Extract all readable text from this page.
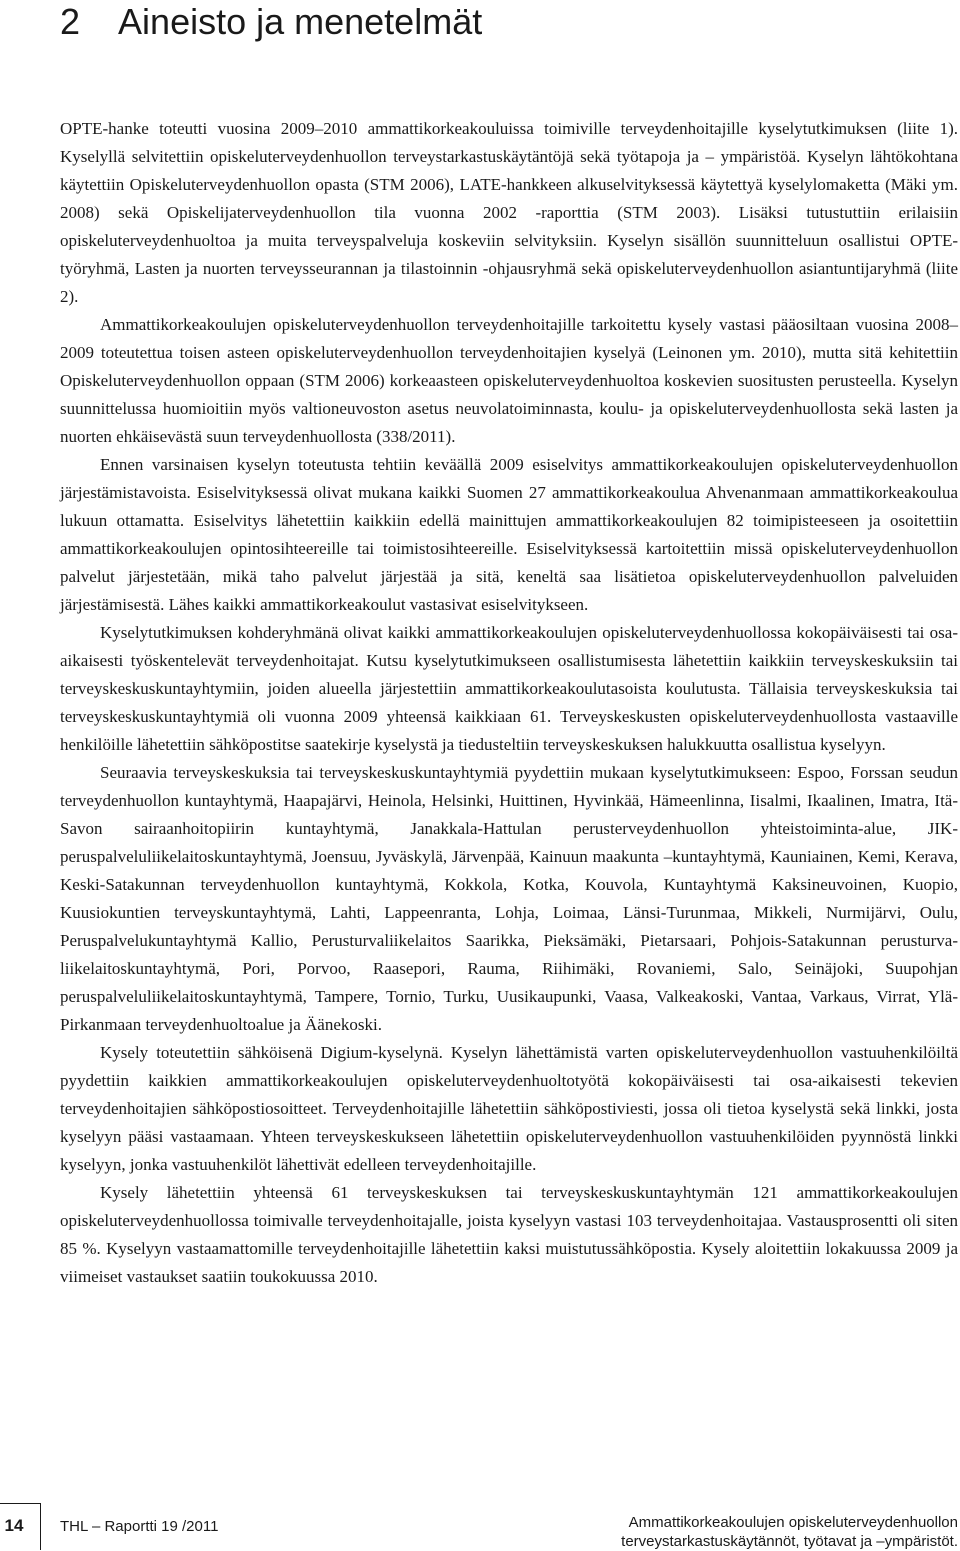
2 Aineisto ja menetelmät

OPTE-hanke toteutti vuosina 2009–2010 ammattikorkeakouluissa toimiville terveydenhoitajille kyselytutkimuksen (liite 1). Kyselyllä selvitettiin opiskeluterveydenhuollon terveystarkastuskäytäntöjä sekä työtapoja ja – ympäristöä. Kyselyn lähtökohtana käytettiin Opiskeluterveydenhuollon opasta (STM 2006), LATE-hankkeen alkuselvityksessä käytettyä kyselylomaketta (Mäki ym. 2008) sekä Opiskelijaterveydenhuollon tila vuonna 2002 -raporttia (STM 2003). Lisäksi tutustuttiin erilaisiin opiskeluterveydenhuoltoa ja muita terveyspalveluja koskeviin selvityksiin. Kyselyn sisällön suunnitteluun osallistui OPTE-työryhmä, Lasten ja nuorten terveysseurannan ja tilastoinnin -ohjausryhmä sekä opiskeluterveydenhuollon asiantuntijaryhmä (liite 2).

Ammattikorkeakoulujen opiskeluterveydenhuollon terveydenhoitajille tarkoitettu kysely vastasi pääosiltaan vuosina 2008–2009 toteutettua toisen asteen opiskeluterveydenhuollon terveydenhoitajien kyselyä (Leinonen ym. 2010), mutta sitä kehitettiin Opiskeluterveydenhuollon oppaan (STM 2006) korkeaasteen opiskeluterveydenhuoltoa koskevien suositusten perusteella. Kyselyn suunnittelussa huomioitiin myös valtioneuvoston asetus neuvolatoiminnasta, koulu- ja opiskeluterveydenhuollosta sekä lasten ja nuorten ehkäisevästä suun terveydenhuollosta (338/2011).

Ennen varsinaisen kyselyn toteutusta tehtiin keväällä 2009 esiselvitys ammattikorkeakoulujen opiskeluterveydenhuollon järjestämistavoista. Esiselvityksessä olivat mukana kaikki Suomen 27 ammattikorkeakoulua Ahvenanmaan ammattikorkeakoulua lukuun ottamatta. Esiselvitys lähetettiin kaikkiin edellä mainittujen ammattikorkeakoulujen 82 toimipisteeseen ja osoitettiin ammattikorkeakoulujen opintosihteereille tai toimistosihteereille. Esiselvityksessä kartoitettiin missä opiskeluterveydenhuollon palvelut järjestetään, mikä taho palvelut järjestää ja sitä, keneltä saa lisätietoa opiskeluterveydenhuollon palveluiden järjestämisestä. Lähes kaikki ammattikorkeakoulut vastasivat esiselvitykseen.

Kyselytutkimuksen kohderyhmänä olivat kaikki ammattikorkeakoulujen opiskeluterveydenhuollossa kokopäiväisesti tai osa-aikaisesti työskentelevät terveydenhoitajat. Kutsu kyselytutkimukseen osallistumisesta lähetettiin kaikkiin terveyskeskuksiin tai terveyskeskuskuntayhtymiin, joiden alueella järjestettiin ammattikorkeakoulutasoista koulutusta. Tällaisia terveyskeskuksia tai terveyskeskuskuntayhtymiä oli vuonna 2009 yhteensä kaikkiaan 61. Terveyskeskusten opiskeluterveydenhuollosta vastaaville henkilöille lähetettiin sähköpostitse saatekirje kyselystä ja tiedusteltiin terveyskeskuksen halukkuutta osallistua kyselyyn.

Seuraavia terveyskeskuksia tai terveyskeskuskuntayhtymiä pyydettiin mukaan kyselytutkimukseen: Espoo, Forssan seudun terveydenhuollon kuntayhtymä, Haapajärvi, Heinola, Helsinki, Huittinen, Hyvinkää, Hämeenlinna, Iisalmi, Ikaalinen, Imatra, Itä-Savon sairaanhoitopiirin kuntayhtymä, Janakkala-Hattulan perusterveydenhuollon yhteistoiminta-alue, JIK-peruspalveluliikelaitoskuntayhtymä, Joensuu, Jyväskylä, Järvenpää, Kainuun maakunta –kuntayhtymä, Kauniainen, Kemi, Kerava, Keski-Satakunnan terveydenhuollon kuntayhtymä, Kokkola, Kotka, Kouvola, Kuntayhtymä Kaksineuvoinen, Kuopio, Kuusiokuntien terveyskuntayhtymä, Lahti, Lappeenranta, Lohja, Loimaa, Länsi-Turunmaa, Mikkeli, Nurmijärvi, Oulu, Peruspalvelukuntayhtymä Kallio, Perusturvaliikelaitos Saarikka, Pieksämäki, Pietarsaari, Pohjois-Satakunnan perusturva-liikelaitoskuntayhtymä, Pori, Porvoo, Raasepori, Rauma, Riihimäki, Rovaniemi, Salo, Seinäjoki, Suupohjan peruspalveluliikelaitoskuntayhtymä, Tampere, Tornio, Turku, Uusikaupunki, Vaasa, Valkeakoski, Vantaa, Varkaus, Virrat, Ylä-Pirkanmaan terveydenhuoltoalue ja Äänekoski.

Kysely toteutettiin sähköisenä Digium-kyselynä. Kyselyn lähettämistä varten opiskeluterveydenhuollon vastuuhenkilöiltä pyydettiin kaikkien ammattikorkeakoulujen opiskeluterveydenhuoltotyötä kokopäiväisesti tai osa-aikaisesti tekevien terveydenhoitajien sähköpostiosoitteet. Terveydenhoitajille lähetettiin sähköpostiviesti, jossa oli tietoa kyselystä sekä linkki, josta kyselyyn pääsi vastaamaan. Yhteen terveyskeskukseen lähetettiin opiskeluterveydenhuollon vastuuhenkilöiden pyynnöstä linkki kyselyyn, jonka vastuuhenkilöt lähettivät edelleen terveydenhoitajille.

Kysely lähetettiin yhteensä 61 terveyskeskuksen tai terveyskeskuskuntayhtymän 121 ammattikorkeakoulujen opiskeluterveydenhuollossa toimivalle terveydenhoitajalle, joista kyselyyn vastasi 103 terveydenhoitajaa. Vastausprosentti oli siten 85 %. Kyselyyn vastaamattomille terveydenhoitajille lähetettiin kaksi muistutussähköpostia. Kysely aloitettiin lokakuussa 2009 ja viimeiset vastaukset saatiin toukokuussa 2010.

14	THL – Raportti 19 /2011	Ammattikorkeakoulujen opiskeluterveydenhuollon
terveystarkastuskäytännöt, työtavat ja –ympäristöt.
